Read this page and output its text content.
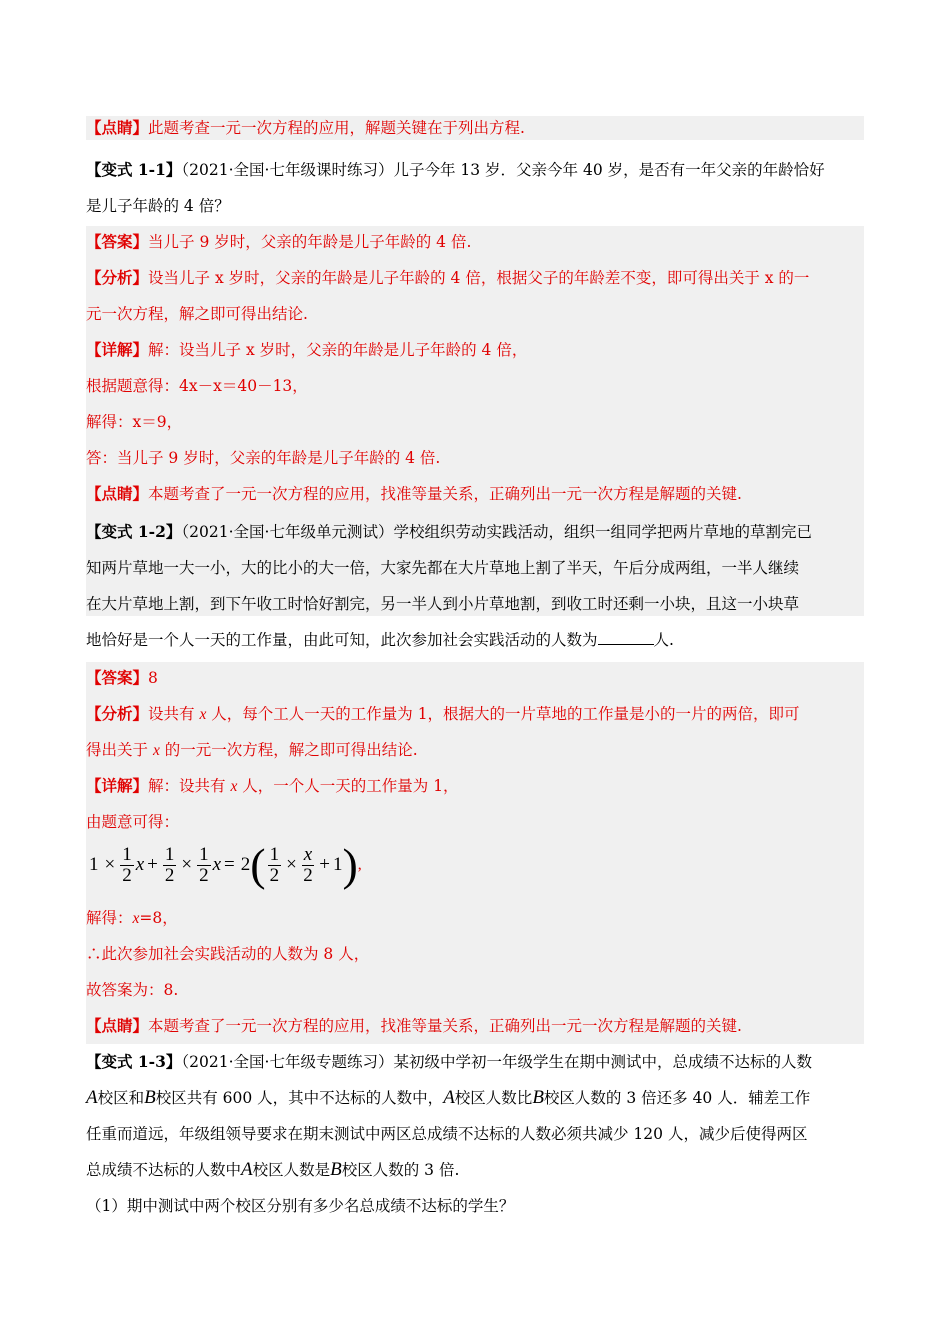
【点睛】此题考查一元一次方程的应用，解题关键在于列出方程.
【变式 1-1】（2021·全国·七年级课时练习）儿子今年 13 岁．父亲今年 40 岁，是否有一年父亲的年龄恰好
是儿子年龄的 4 倍？
【答案】当儿子 9 岁时，父亲的年龄是儿子年龄的 4 倍.
【分析】设当儿子 x 岁时，父亲的年龄是儿子年龄的 4 倍，根据父子的年龄差不变，即可得出关于 x 的一
元一次方程，解之即可得出结论.
【详解】解：设当儿子 x 岁时，父亲的年龄是儿子年龄的 4 倍，
根据题意得：4x－x＝40－13，
解得：x＝9，
答：当儿子 9 岁时，父亲的年龄是儿子年龄的 4 倍.
【点睛】本题考查了一元一次方程的应用，找准等量关系，正确列出一元一次方程是解题的关键.
【变式 1-2】（2021·全国·七年级单元测试）学校组织劳动实践活动，组织一组同学把两片草地的草割完已
知两片草地一大一小，大的比小的大一倍，大家先都在大片草地上割了半天，午后分成两组，一半人继续
在大片草地上割，到下午收工时恰好割完，另一半人到小片草地割，到收工时还剩一小块，且这一小块草
地恰好是一个人一天的工作量，由此可知，此次参加社会实践活动的人数为	人.
【答案】8
【分析】设共有 x 人，每个工人一天的工作量为 1，根据大的一片草地的工作量是小的一片的两倍，即可
得出关于 x 的一元一次方程，解之即可得出结论.
【详解】解：设共有 x 人，一个人一天的工作量为 1，
由题意可得：
$1 \times \frac{1}{2}$ $x + \frac{1}{2} \times \frac{1}{2}$ $x = 2( \frac{1}{2} \times \frac{x}{2} + 1)$,
解得：x=8，
∴此次参加社会实践活动的人数为 8 人，
故答案为：8.
【点睛】本题考查了一元一次方程的应用，找准等量关系，正确列出一元一次方程是解题的关键.
【变式 1-3】（2021·全国·七年级专题练习）某初级中学初一年级学生在期中测试中，总成绩不达标的人数
A校区和B校区共有 600 人，其中不达标的人数中，A校区人数比B校区人数的 3 倍还多 40 人．辅差工作
任重而道远，年级组领导要求在期末测试中两区总成绩不达标的人数必须共减少 120 人，减少后使得两区
总成绩不达标的人数中A校区人数是B校区人数的 3 倍.
（1）期中测试中两个校区分别有多少名总成绩不达标的学生？
